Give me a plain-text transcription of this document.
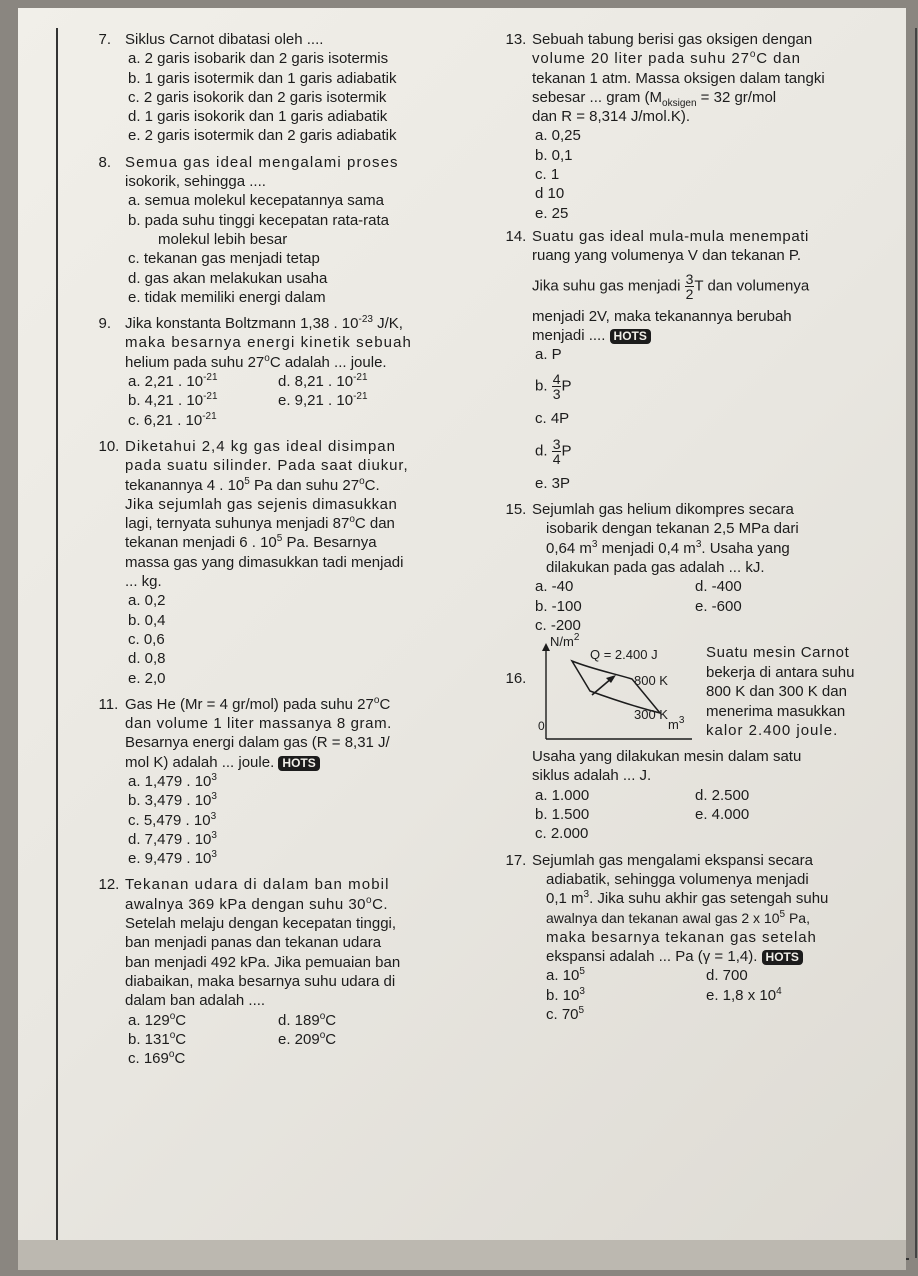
7. Siklus Carnot dibatasi oleh ....
a. 2 garis isobarik dan 2 garis isotermis
b. 1 garis isotermik dan 1 garis adiabatik
c. 2 garis isokorik dan 2 garis isotermik
d. 1 garis isokorik dan 1 garis adiabatik
e. 2 garis isotermik dan 2 garis adiabatik
8. Semua gas ideal mengalami proses
isokorik, sehingga ....
a. semua molekul kecepatannya sama
b. pada suhu tinggi kecepatan rata-rata
molekul lebih besar
c. tekanan gas menjadi tetap
d. gas akan melakukan usaha
e. tidak memiliki energi dalam
9. Jika konstanta Boltzmann 1,38 . $10^{-23}$ J/K,
maka besarnya energi kinetik sebuah
helium pada suhu 27$^o$C adalah ... joule.
a. 2,21 . $10^{-21}$	d. 8,21 . $10^{-21}$
b. 4,21 . $10^{-21}$	e. 9,21 . $10^{-21}$
c. 6,21 . $10^{-21}$
10. Diketahui 2,4 kg gas ideal disimpan
pada suatu silinder. Pada saat diukur,
tekanannya 4 . $10^5$ Pa dan suhu 27$^o$C.
Jika sejumlah gas sejenis dimasukkan
lagi, ternyata suhunya menjadi 87$^o$C dan
tekanan menjadi 6 . $10^5$ Pa. Besarnya
massa gas yang dimasukkan tadi menjadi
... kg.
a. 0,2
b. 0,4
c. 0,6
d. 0,8
e. 2,0
11. Gas He (Mr = 4 gr/mol) pada suhu 27$^o$C
dan volume 1 liter massanya 8 gram.
Besarnya energi dalam gas (R = 8,31 J/
mol K) adalah ... joule. HOTS
a. 1,479 . $10^3$
b. 3,479 . $10^3$
c. 5,479 . $10^3$
d. 7,479 . $10^3$
e. 9,479 . $10^3$
12. Tekanan udara di dalam ban mobil
awalnya 369 kPa dengan suhu 30$^o$C.
Setelah melaju dengan kecepatan tinggi,
ban menjadi panas dan tekanan udara
ban menjadi 492 kPa. Jika pemuaian ban
diabaikan, maka besarnya suhu udara di
dalam ban adalah ....
a. 129$^o$C	d. 189$^o$C
b. 131$^o$C	e. 209$^o$C
c. 169$^o$C
13. Sebuah tabung berisi gas oksigen dengan
volume 20 liter pada suhu 27$^o$C dan
tekanan 1 atm. Massa oksigen dalam tangki
sebesar ... gram ($M_{oksigen} = 32$ gr/mol
dan R = 8,314 J/mol.K).
a. 0,25
b. 0,1
c. 1
d 10
e. 25
14. Suatu gas ideal mula-mula menempati
ruang yang volumenya V dan tekanan P.
Jika suhu gas menjadi $\frac{3}{2}$ T dan volumenya
menjadi 2V, maka tekanannya berubah
menjadi .... HOTS
a. P
b. $\frac{4}{3}$ P
c. 4P
d. $\frac{3}{4}$ P
e. 3P
15. Sejumlah gas helium dikompres secara
isobarik dengan tekanan 2,5 MPa dari
0,64 $m^3$ menjadi 0,4 $m^3$. Usaha yang
dilakukan pada gas adalah ... kJ.
a. -40	d. -400
b. -100	e. -600
c. -200
16.
$N/m^2$
Q = 2.400 J
800 K
300 K
0	$m^3$
Suatu mesin Carnot
bekerja di antara suhu
800 K dan 300 K dan
menerima masukkan
kalor 2.400 joule.
Usaha yang dilakukan mesin dalam satu
siklus adalah ... J.
a. 1.000	d. 2.500
b. 1.500	e. 4.000
c. 2.000
17. Sejumlah gas mengalami ekspansi secara
adiabatik, sehingga volumenya menjadi
0,1 $m^3$. Jika suhu akhir gas setengah suhu
awalnya dan tekanan awal gas 2 x $10^5$ Pa,
maka besarnya tekanan gas setelah
ekspansi adalah ... Pa (γ = 1,4). HOTS
a. $10^5$	d. 700
b. $10^3$	e. 1,8 x $10^4$
c. $70^5$
